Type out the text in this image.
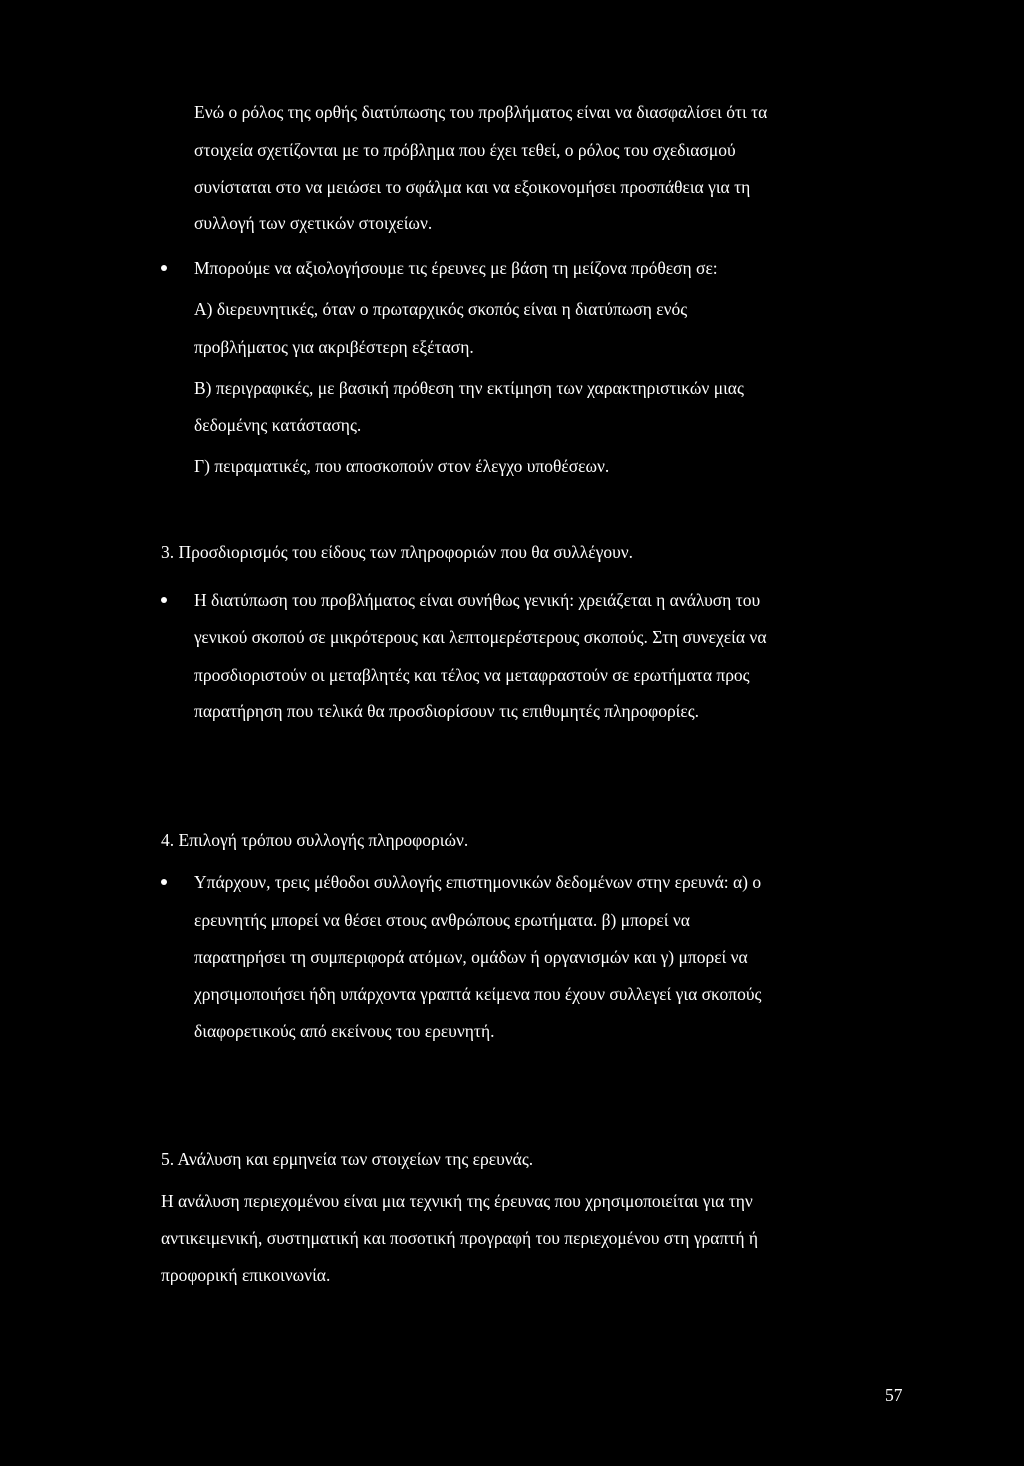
Ενώ ο ρόλος της ορθής διατύπωσης του προβλήματος είναι να διασφαλίσει ότι τα
στοιχεία σχετίζονται με το πρόβλημα που έχει τεθεί, ο ρόλος του σχεδιασμού
συνίσταται στο να μειώσει το σφάλμα και να εξοικονομήσει προσπάθεια για τη
συλλογή των σχετικών στοιχείων.
Μπορούμε να αξιολογήσουμε τις έρευνες με βάση τη μείζονα πρόθεση σε:
Α) διερευνητικές, όταν ο πρωταρχικός σκοπός είναι η διατύπωση ενός
προβλήματος για ακριβέστερη εξέταση.
Β) περιγραφικές, με βασική πρόθεση την εκτίμηση των χαρακτηριστικών μιας
δεδομένης κατάστασης.
Γ) πειραματικές, που αποσκοπούν στον έλεγχο υποθέσεων.
3. Προσδιορισμός του είδους των πληροφοριών που θα συλλέγουν.
Η διατύπωση του προβλήματος είναι συνήθως γενική: χρειάζεται η ανάλυση του
γενικού σκοπού σε μικρότερους και λεπτομερέστερους σκοπούς. Στη συνεχεία να
προσδιοριστούν οι μεταβλητές και τέλος να μεταφραστούν σε ερωτήματα προς
παρατήρηση που τελικά θα προσδιορίσουν τις επιθυμητές πληροφορίες.
4. Επιλογή τρόπου συλλογής πληροφοριών.
Υπάρχουν, τρεις μέθοδοι συλλογής επιστημονικών δεδομένων στην ερευνά: α) ο
ερευνητής μπορεί να θέσει στους ανθρώπους ερωτήματα. β) μπορεί να
παρατηρήσει τη συμπεριφορά ατόμων, ομάδων ή οργανισμών και γ) μπορεί να
χρησιμοποιήσει ήδη υπάρχοντα γραπτά κείμενα που έχουν συλλεγεί για σκοπούς
διαφορετικούς από εκείνους του ερευνητή.
5. Ανάλυση και ερμηνεία των στοιχείων της ερευνάς.
Η ανάλυση περιεχομένου είναι μια τεχνική της έρευνας που χρησιμοποιείται για την
αντικειμενική, συστηματική και ποσοτική προγραφή του περιεχομένου στη γραπτή ή
προφορική επικοινωνία.
57
